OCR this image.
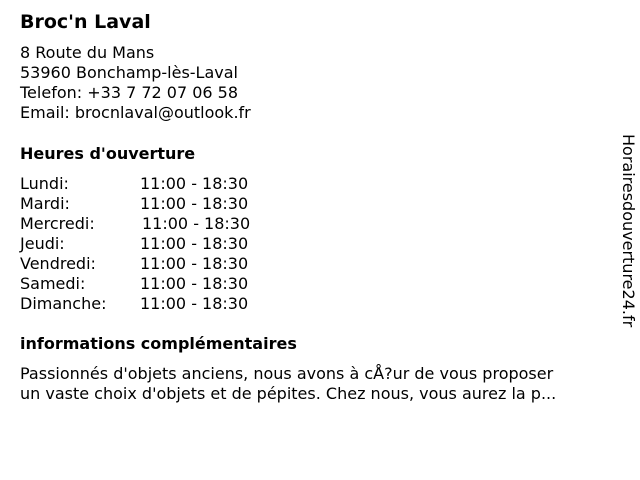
Broc'n Laval
8 Route du Mans
53960 Bonchamp-lès-Laval
Telefon: +33 7 72 07 06 58
Email: brocnlaval@outlook.fr
Heures d'ouverture
Lundi:	11:00 - 18:30
Mardi:	11:00 - 18:30
Mercredi:	11:00 - 18:30
Jeudi:	11:00 - 18:30
Vendredi:	11:00 - 18:30
Samedi:	11:00 - 18:30
Dimanche:	11:00 - 18:30
informations complémentaires
Passionnés d'objets anciens, nous avons à cÅ?ur de vous proposer
un vaste choix d'objets et de pépites. Chez nous, vous aurez la p...
Horairesdouverture24.fr
